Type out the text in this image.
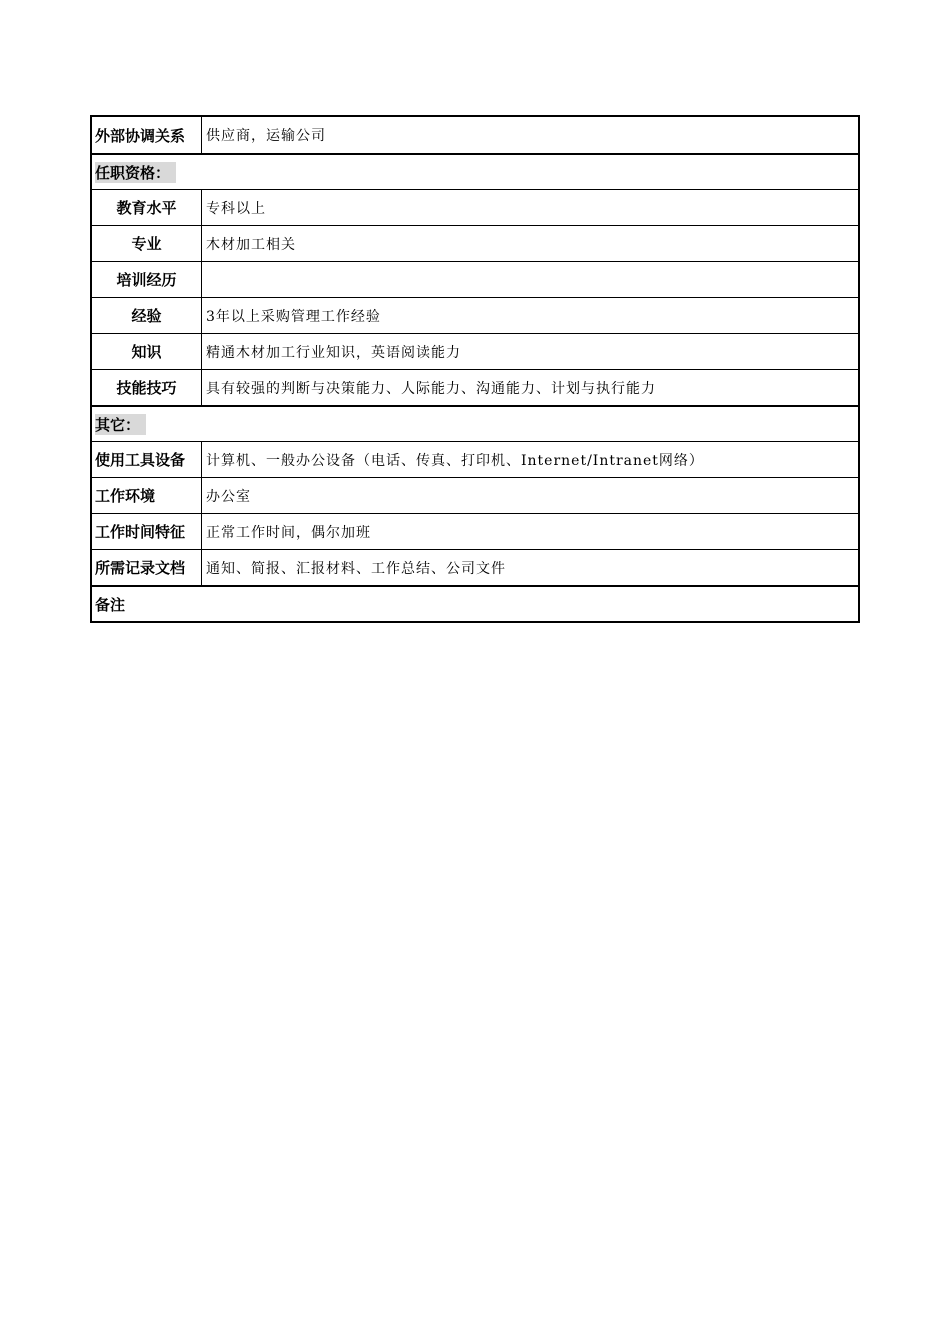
外部协调关系	供应商，运输公司
任职资格：
教育水平	专科以上
专业	木材加工相关
培训经历
经验	3年以上采购管理工作经验
知识	精通木材加工行业知识，英语阅读能力
技能技巧	具有较强的判断与决策能力、人际能力、沟通能力、计划与执行能力
其它：
使用工具设备	计算机、一般办公设备（电话、传真、打印机、Internet/Intranet网络）
工作环境	办公室
工作时间特征	正常工作时间，偶尔加班
所需记录文档	通知、简报、汇报材料、工作总结、公司文件
备注
